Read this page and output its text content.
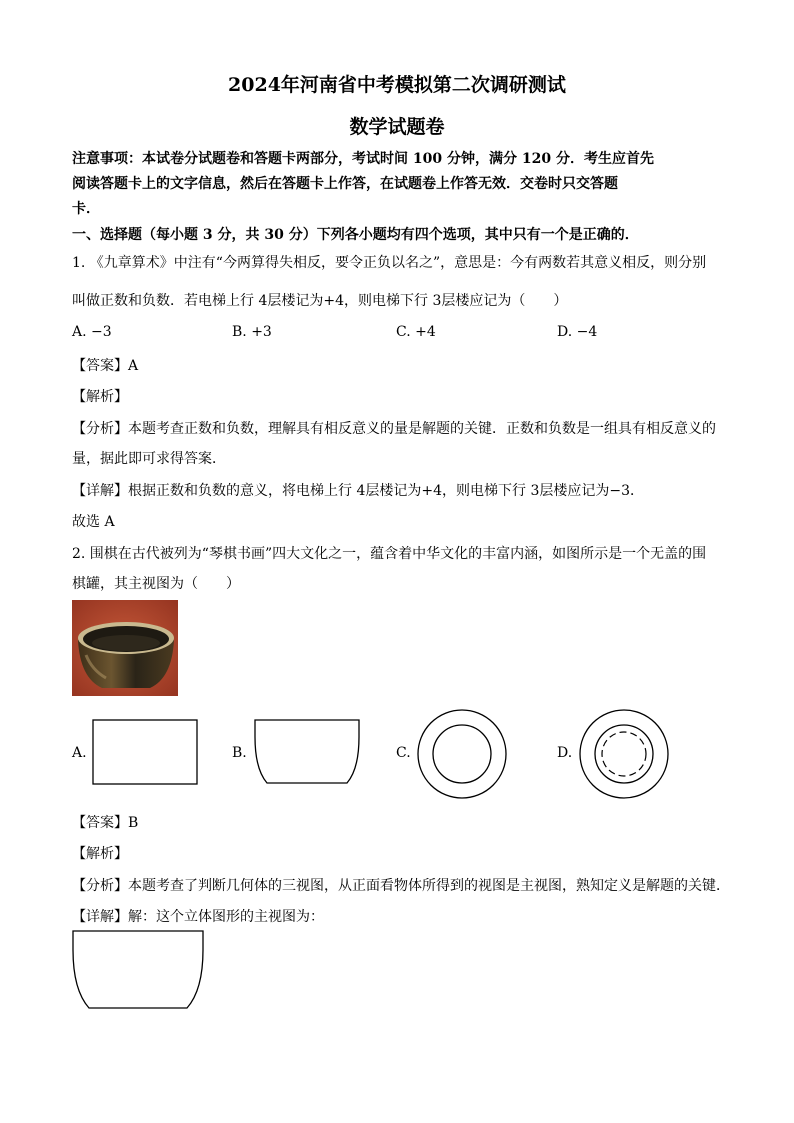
2024年河南省中考模拟第二次调研测试
数学试题卷
注意事项：本试卷分试题卷和答题卡两部分，考试时间 100 分钟，满分 120 分．考生应首先
阅读答题卡上的文字信息，然后在答题卡上作答，在试题卷上作答无效．交卷时只交答题
卡．
一、选择题（每小题 3 分，共 30 分）下列各小题均有四个选项，其中只有一个是正确的．
1. 《九章算术》中注有“今两算得失相反，要令正负以名之”，意思是：今有两数若其意义相反，则分别
叫做正数和负数．若电梯上行 4层楼记为+4，则电梯下行 3层楼应记为（　　）
A. −3	B. +3	C. +4	D. −4
【答案】A
【解析】
【分析】本题考查正数和负数，理解具有相反意义的量是解题的关键．正数和负数是一组具有相反意义的
量，据此即可求得答案．
【详解】根据正数和负数的意义，将电梯上行 4层楼记为+4，则电梯下行 3层楼应记为−3．
故选 A
2. 围棋在古代被列为“琴棋书画”四大文化之一，蕴含着中华文化的丰富内涵，如图所示是一个无盖的围
棋罐，其主视图为（　　）
A.	B.	C.	D.
【答案】B
【解析】
【分析】本题考查了判断几何体的三视图，从正面看物体所得到的视图是主视图，熟知定义是解题的关键．
【详解】解：这个立体图形的主视图为：
